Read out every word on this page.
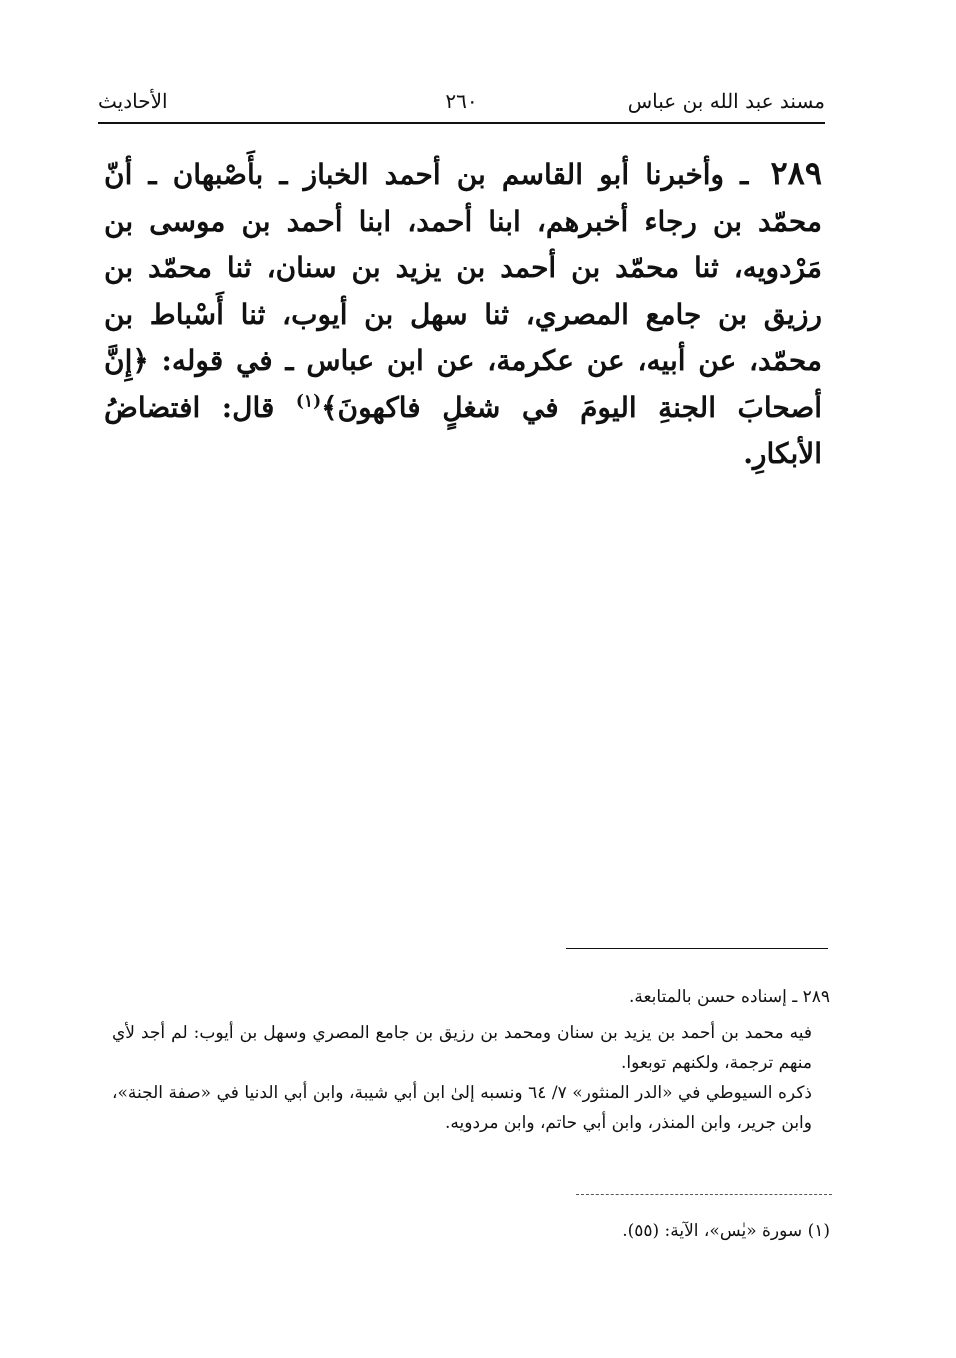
مسند عبد الله بن عباس
٢٦٠
الأحاديث
٢٨٩ ـ وأخبرنا أبو القاسم بن أحمد الخباز ـ بأَصْبهان ـ أنّ محمّد بن رجاء أخبرهم، ابنا أحمد، ابنا أحمد بن موسى بن مَرْدويه، ثنا محمّد بن أحمد بن يزيد بن سنان، ثنا محمّد بن رزيق بن جامع المصري، ثنا سهل بن أيوب، ثنا أَسْباط بن محمّد، عن أبيه، عن عكرمة، عن ابن عباس ـ في قوله: ﴿إِنَّ أصحابَ الجنةِ اليومَ في شغلٍ فاكهونَ﴾$^{(١)}$ قال: افتضاضُ الأبكارِ.

٢٨٩ ـ إسناده حسن بالمتابعة.

فيه محمد بن أحمد بن يزيد بن سنان ومحمد بن رزيق بن جامع المصري وسهل بن أيوب: لم أجد لأي منهم ترجمة، ولكنهم توبعوا.

ذكره السيوطي في «الدر المنثور» ٧/ ٦٤ ونسبه إلىٰ ابن أبي شيبة، وابن أبي الدنيا في «صفة الجنة»، وابن جرير، وابن المنذر، وابن أبي حاتم، وابن مردويه.

(١) سورة «يٰس»، الآية: (٥٥).
